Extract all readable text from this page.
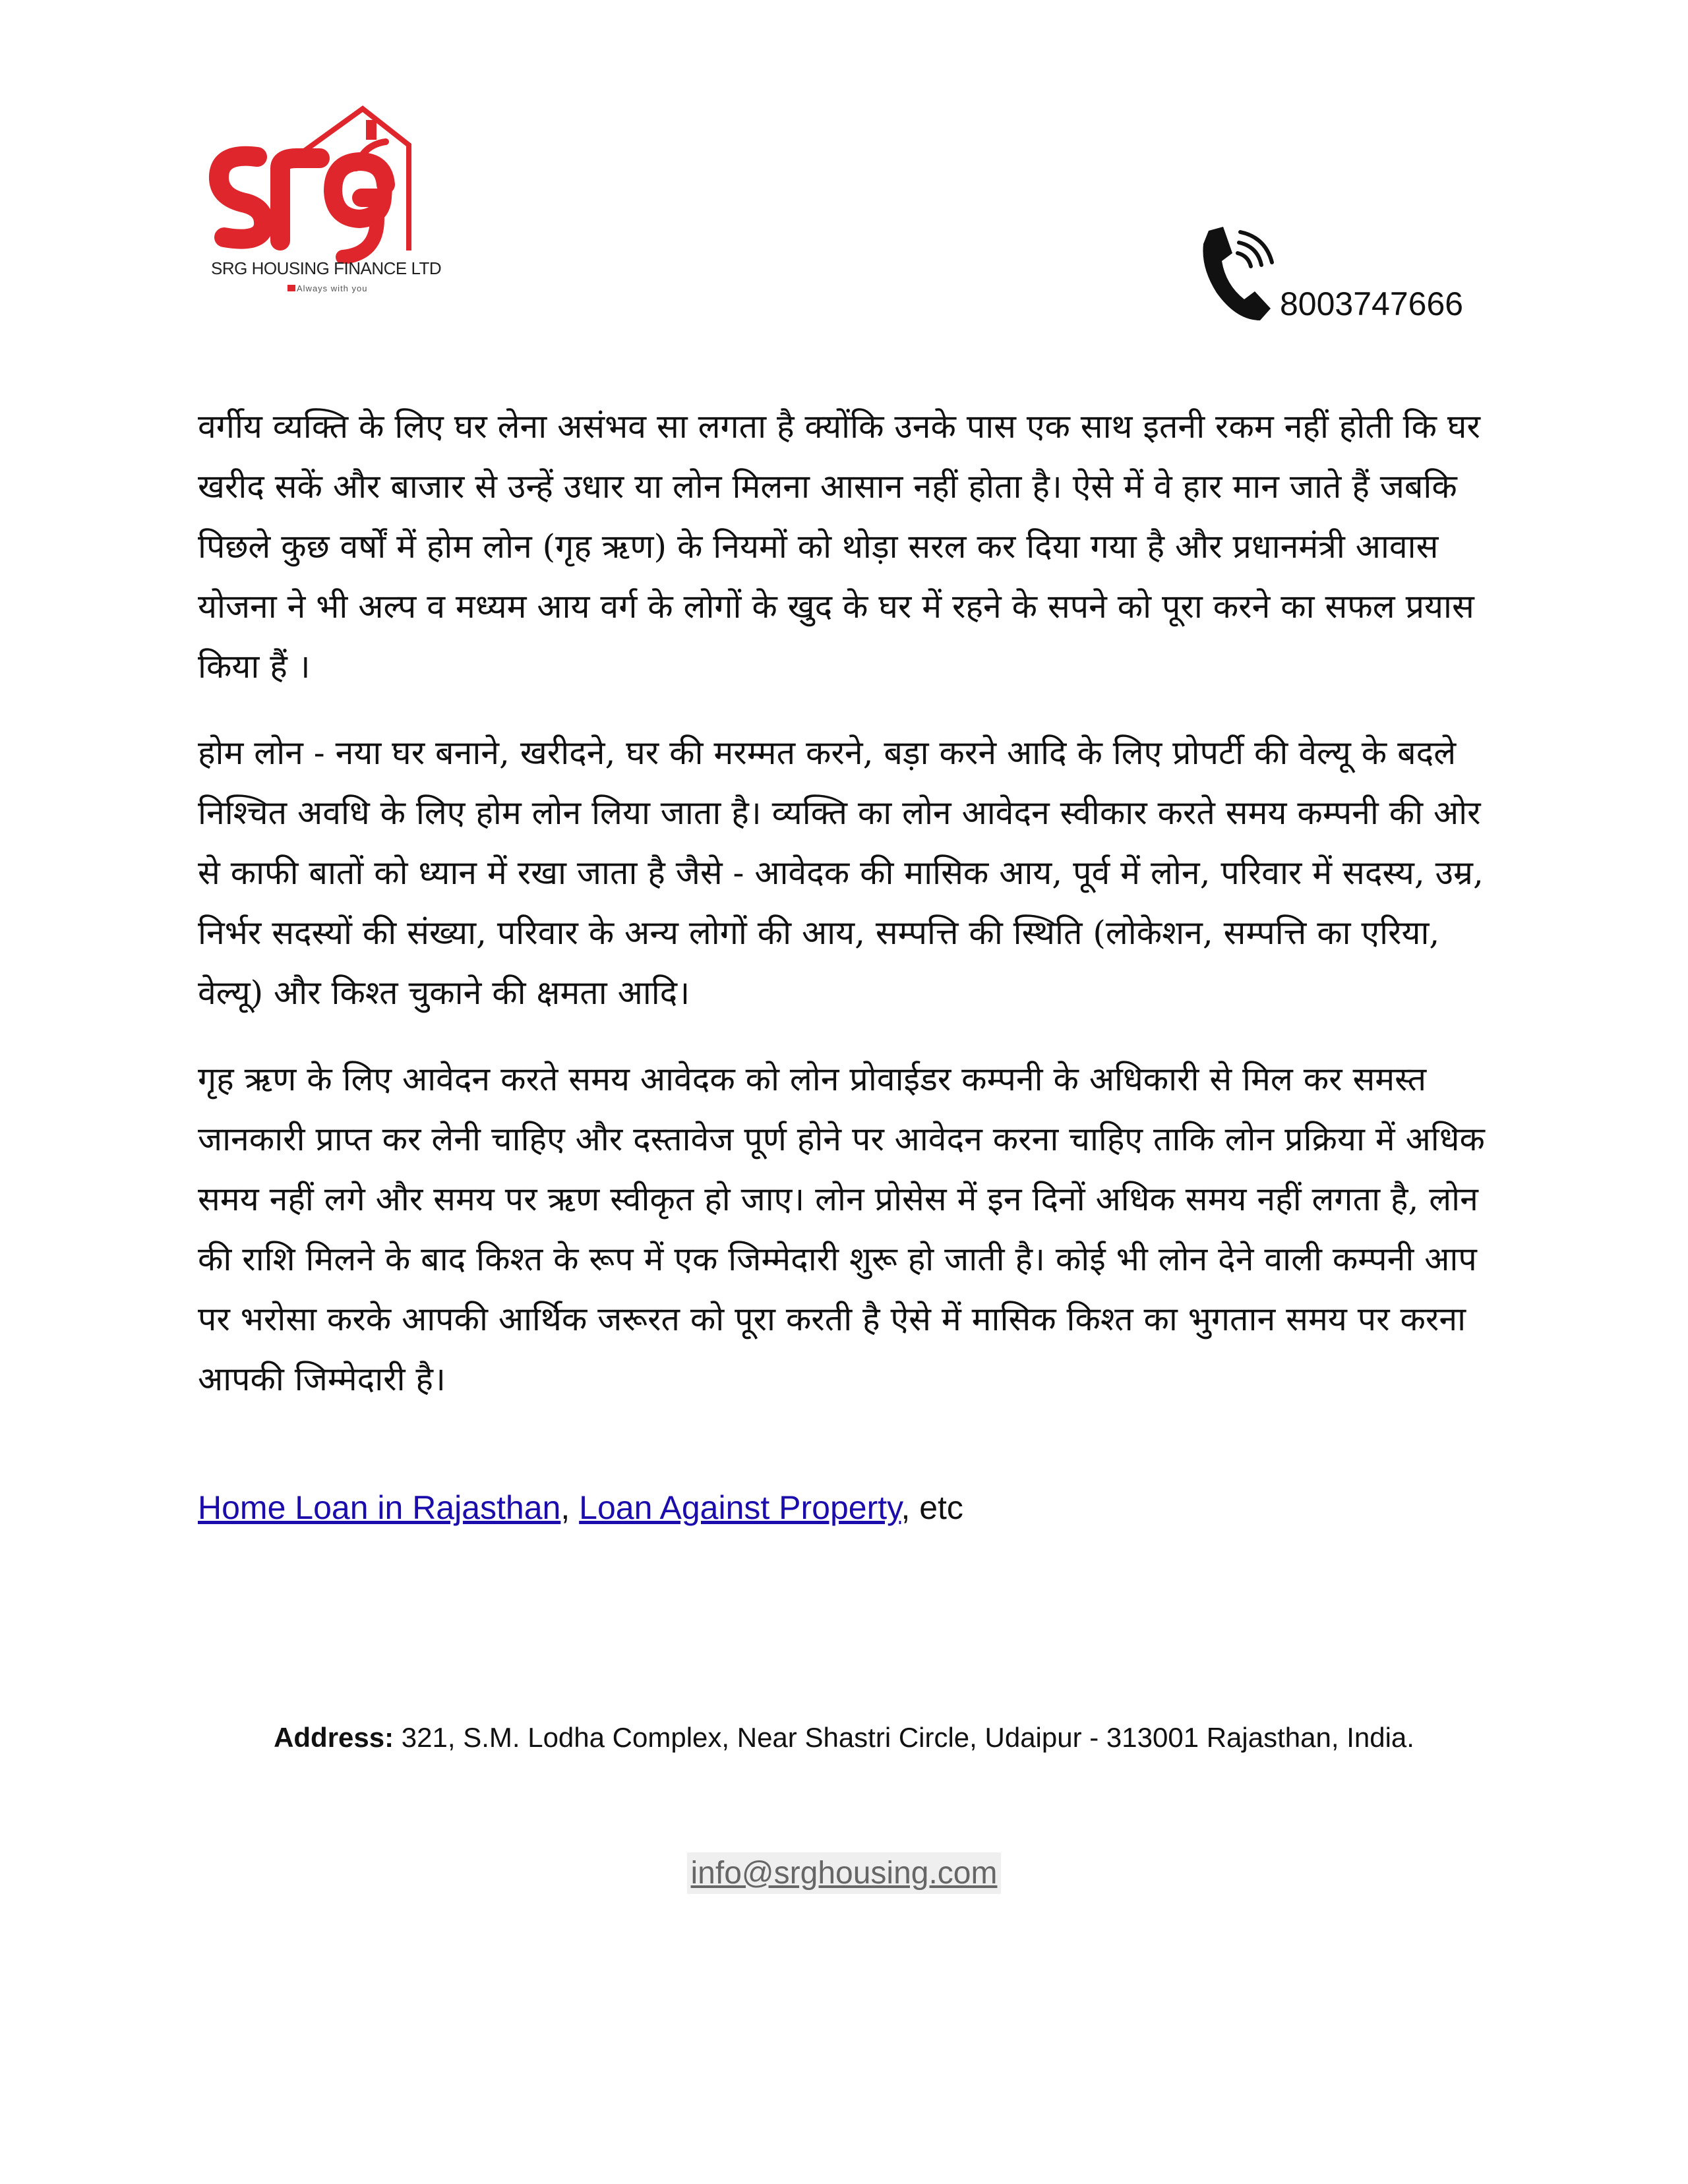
SRG HOUSING FINANCE LTD
Always with you	8003747666

वर्गीय व्यक्ति के लिए घर लेना असंभव सा लगता है क्योंकि उनके पास एक साथ इतनी रकम नहीं होती कि घर खरीद सकें और बाजार से उन्हें उधार या लोन मिलना आसान नहीं होता है। ऐसे में वे हार मान जाते हैं जबकि पिछले कुछ वर्षों में होम लोन (गृह ऋण) के नियमों को थोड़ा सरल कर दिया गया है और प्रधानमंत्री आवास योजना ने भी अल्प व मध्यम आय वर्ग के लोगों के खुद के घर में रहने के सपने को पूरा करने का सफल प्रयास किया हैं ।

होम लोन - नया घर बनाने, खरीदने, घर की मरम्मत करने, बड़ा करने आदि के लिए प्रोपर्टी की वेल्यू के बदले निश्चित अवधि के लिए होम लोन लिया जाता है। व्यक्ति का लोन आवेदन स्वीकार करते समय कम्पनी की ओर से काफी बातों को ध्यान में रखा जाता है जैसे - आवेदक की मासिक आय, पूर्व में लोन, परिवार में सदस्य, उम्र, निर्भर सदस्यों की संख्या, परिवार के अन्य लोगों की आय, सम्पत्ति की स्थिति (लोकेशन, सम्पत्ति का एरिया, वेल्यू) और किश्त चुकाने की क्षमता आदि।

गृह ऋण के लिए आवेदन करते समय आवेदक को लोन प्रोवाईडर कम्पनी के अधिकारी से मिल कर समस्त जानकारी प्राप्त कर लेनी चाहिए और दस्तावेज पूर्ण होने पर आवेदन करना चाहिए ताकि लोन प्रक्रिया में अधिक समय नहीं लगे और समय पर ऋण स्वीकृत हो जाए। लोन प्रोसेस में इन दिनों अधिक समय नहीं लगता है, लोन की राशि मिलने के बाद किश्त के रूप में एक जिम्मेदारी शुरू हो जाती है। कोई भी लोन देने वाली कम्पनी आप पर भरोसा करके आपकी आर्थिक जरूरत को पूरा करती है ऐसे में मासिक किश्त का भुगतान समय पर करना आपकी जिम्मेदारी है।

Home Loan in Rajasthan, Loan Against Property, etc
Address: 321, S.M. Lodha Complex, Near Shastri Circle, Udaipur - 313001 Rajasthan, India.
info@srghousing.com
